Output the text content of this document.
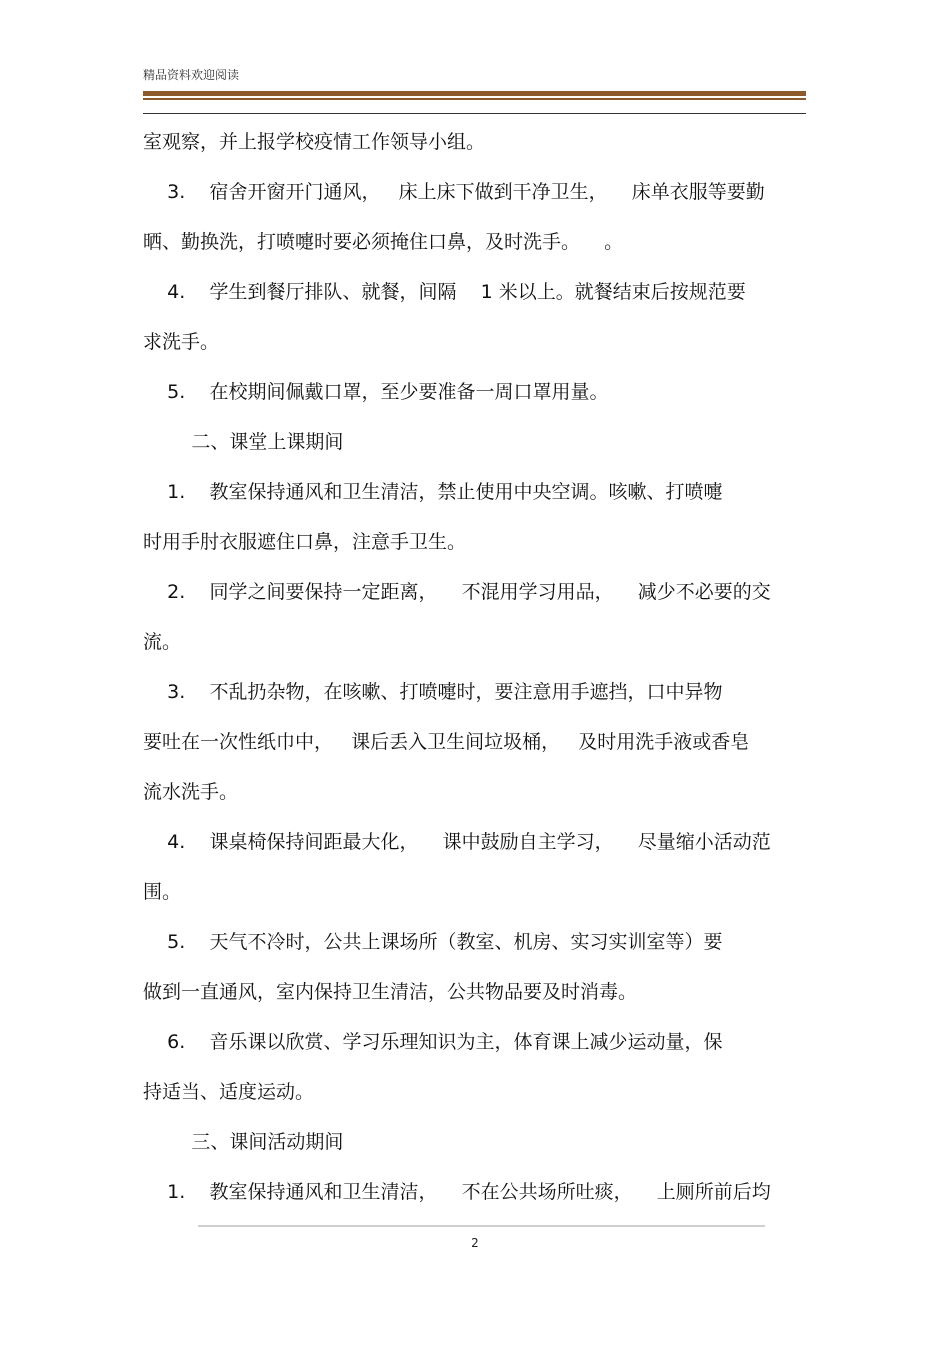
精品资料欢迎阅读
室观察，并上报学校疫情工作领导小组。
3.    宿舍开窗开门通风，   床上床下做到干净卫生，    床单衣服等要勤
晒、勤换洗，打喷嚏时要必须掩住口鼻，及时洗手。    。
4.    学生到餐厅排队、就餐，间隔    1 米以上。就餐结束后按规范要
求洗手。
5.    在校期间佩戴口罩，至少要准备一周口罩用量。
二、课堂上课期间
1.    教室保持通风和卫生清洁，禁止使用中央空调。咳嗽、打喷嚏
时用手肘衣服遮住口鼻，注意手卫生。
2.    同学之间要保持一定距离，    不混用学习用品，    减少不必要的交
流。
3.    不乱扔杂物，在咳嗽、打喷嚏时，要注意用手遮挡，口中异物
要吐在一次性纸巾中，   课后丢入卫生间垃圾桶，   及时用洗手液或香皂
流水洗手。
4.    课桌椅保持间距最大化，    课中鼓励自主学习，    尽量缩小活动范
围。
5.    天气不冷时，公共上课场所（教室、机房、实习实训室等）要
做到一直通风，室内保持卫生清洁，公共物品要及时消毒。
6.    音乐课以欣赏、学习乐理知识为主，体育课上减少运动量，保
持适当、适度运动。
三、课间活动期间
1.    教室保持通风和卫生清洁，    不在公共场所吐痰，    上厕所前后均
2
